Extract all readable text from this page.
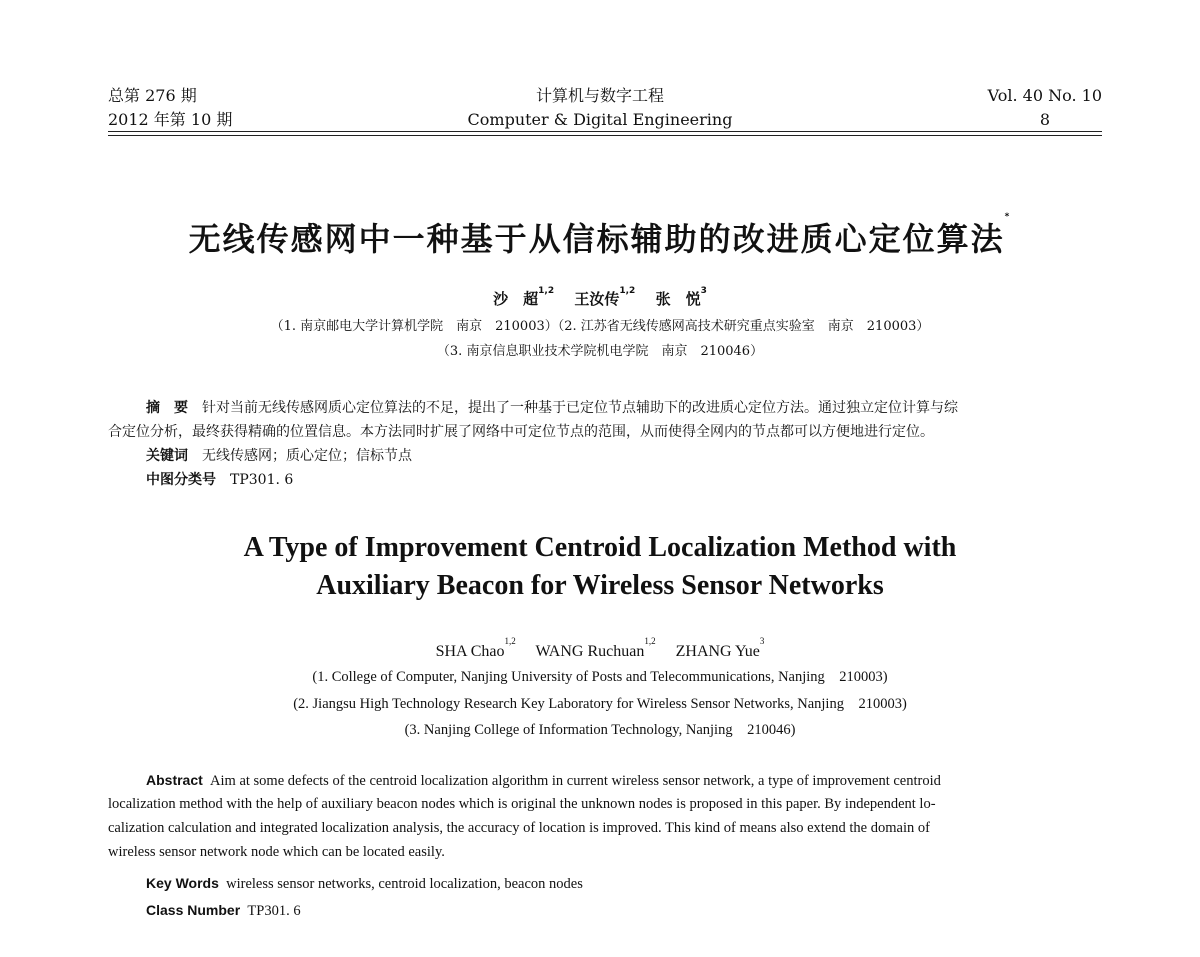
总第 276 期
2012 年第 10 期
计算机与数字工程
Computer & Digital Engineering
Vol. 40 No. 10
8
无线传感网中一种基于从信标辅助的改进质心定位算法*
沙　超$^{1,2}$　 王汝传$^{1,2}$　 张　悦$^3$
（1. 南京邮电大学计算机学院　南京　210003）（2. 江苏省无线传感网高技术研究重点实验室　南京　210003）
（3. 南京信息职业技术学院机电学院　南京　210046）
摘　要　 针对当前无线传感网质心定位算法的不足，提出了一种基于已定位节点辅助下的改进质心定位方法。通过独立定位计算与综
合定位分析，最终获得精确的位置信息。本方法同时扩展了网络中可定位节点的范围，从而使得全网内的节点都可以方便地进行定位。
关键词　 无线传感网；质心定位；信标节点
中图分类号　 TP301. 6
A Type of Improvement Centroid Localization Method with
Auxiliary Beacon for Wireless Sensor Networks
SHA Chao$^{1,2}$　 WANG Ruchuan$^{1,2}$　 ZHANG Yue$^3$
(1. College of Computer, Nanjing University of Posts and Telecommunications, Nanjing　210003)
(2. Jiangsu High Technology Research Key Laboratory for Wireless Sensor Networks, Nanjing　210003)
(3. Nanjing College of Information Technology, Nanjing　210046)
Abstract Aim at some defects of the centroid localization algorithm in current wireless sensor network, a type of improvement centroid
localization method with the help of auxiliary beacon nodes which is original the unknown nodes is proposed in this paper. By independent lo-
calization calculation and integrated localization analysis, the accuracy of location is improved. This kind of means also extend the domain of
wireless sensor network node which can be located easily.
Key Words wireless sensor networks, centroid localization, beacon nodes
Class Number TP301. 6
